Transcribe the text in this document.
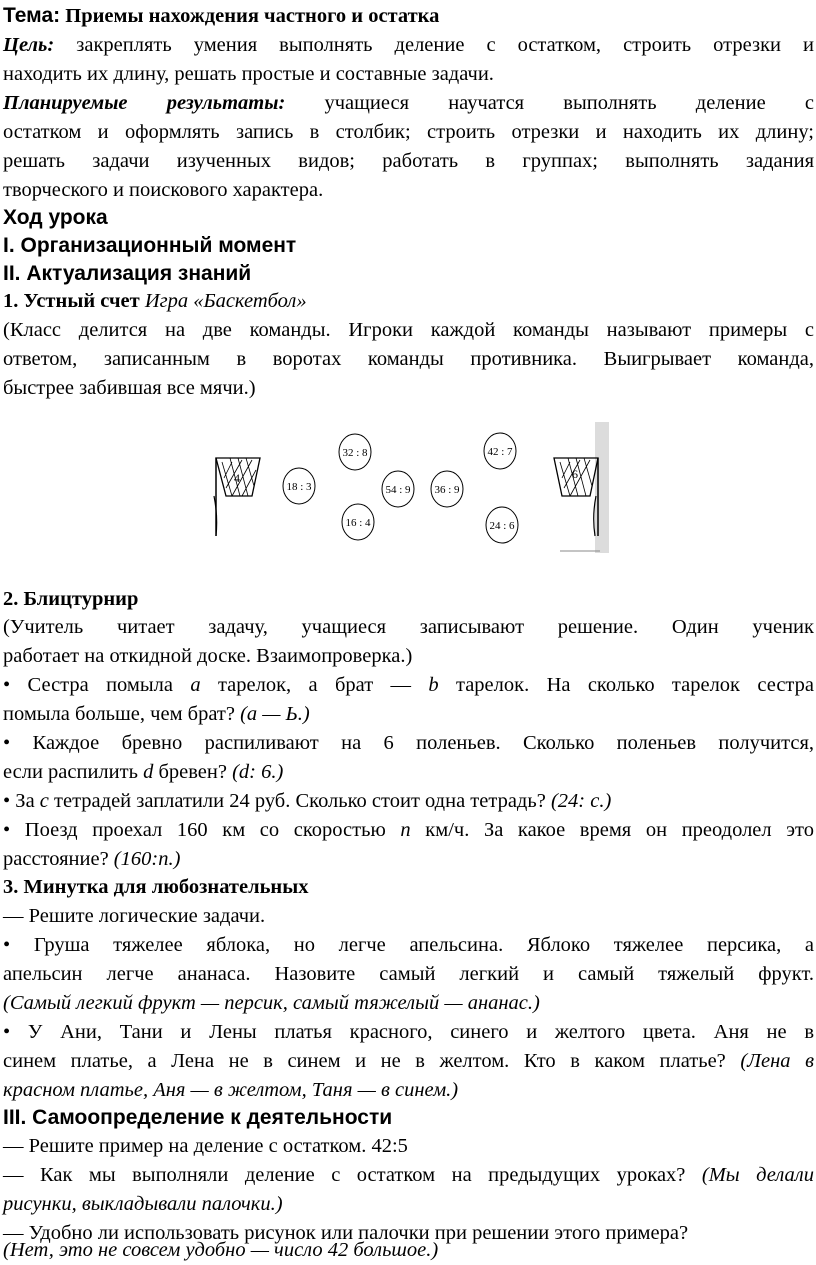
Тема: Приемы нахождения частного и остатка
Цель: закреплять умения выполнять деление с остатком, строить отрезки и
находить их длину, решать простые и составные задачи.
Планируемые результаты: учащиеся научатся выполнять деление с
остатком и оформлять запись в столбик; строить отрезки и находить их длину;
решать задачи изученных видов; работать в группах; выполнять задания
творческого и поискового характера.
Ход урока
I. Организационный момент
II. Актуализация знаний
1. Устный счет Игра «Баскетбол»
(Класс делится на две команды. Игроки каждой команды называют примеры с
ответом, записанным в воротах команды противника. Выигрывает команда,
быстрее забившая все мячи.)
4	6
32 : 8
18 : 3	54 : 9 36 : 9
16 : 4
42 : 7
24 : 6
2. Блицтурнир
(Учитель читает задачу, учащиеся записывают решение. Один ученик
работает на откидной доске. Взаимопроверка.)
• Сестра помыла а тарелок, а брат — b тарелок. На сколько тарелок сестра
помыла больше, чем брат? (а — Ь.)
• Каждое бревно распиливают на 6 поленьев. Сколько поленьев получится,
если распилить d бревен? (d: 6.)
• За с тетрадей заплатили 24 руб. Сколько стоит одна тетрадь? (24: с.)
• Поезд проехал 160 км со скоростью п км/ч. За какое время он преодолел это
расстояние? (160:п.)
3. Минутка для любознательных
— Решите логические задачи.
• Груша тяжелее яблока, но легче апельсина. Яблоко тяжелее персика, а
апельсин легче ананаса. Назовите самый легкий и самый тяжелый фрукт.
(Самый легкий фрукт — персик, самый тяжелый — ананас.)
• У Ани, Тани и Лены платья красного, синего и желтого цвета. Аня не в
синем платье, а Лена не в синем и не в желтом. Кто в каком платье? (Лена в
красном платье, Аня — в желтом, Таня — в синем.)
III. Самоопределение к деятельности
— Решите пример на деление с остатком. 42:5
— Как мы выполняли деление с остатком на предыдущих уроках? (Мы делали
рисунки, выкладывали палочки.)
— Удобно ли использовать рисунок или палочки при решении этого примера?
(Нет, это не совсем удобно — число 42 большое.)
